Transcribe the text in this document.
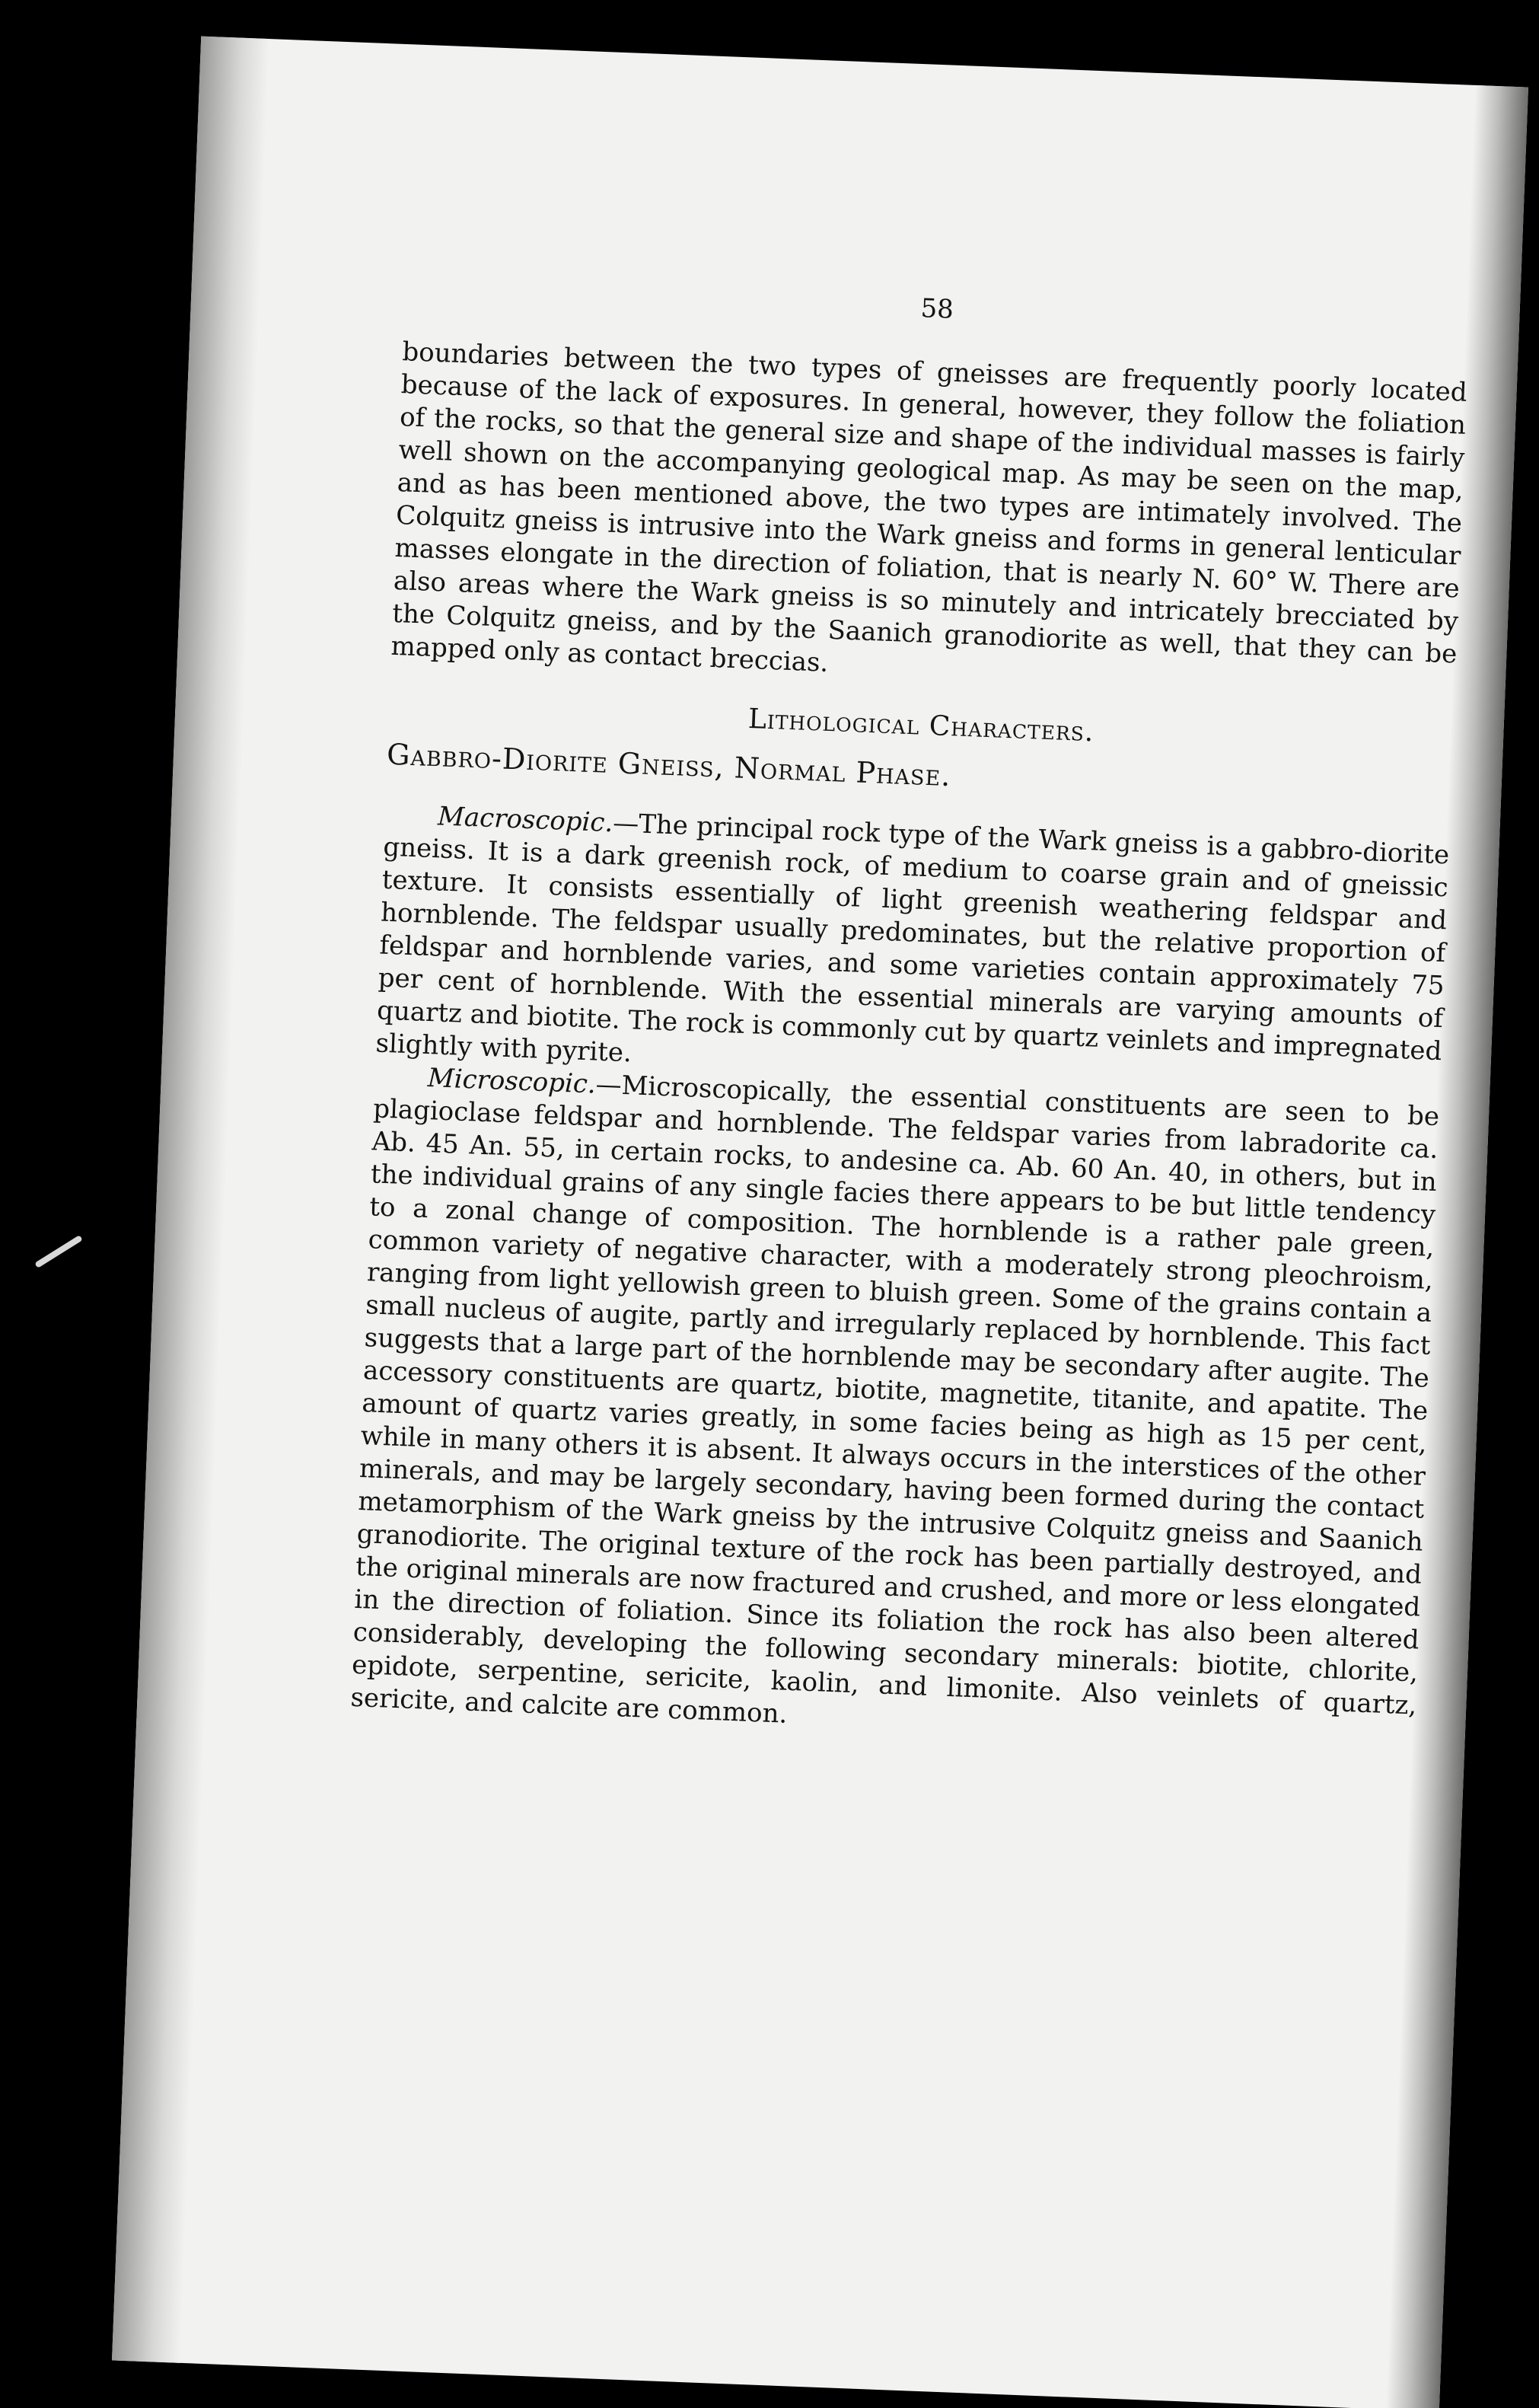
58

boundaries between the two types of gneisses are frequently poorly located because of the lack of exposures. In general, however, they follow the foliation of the rocks, so that the general size and shape of the individual masses is fairly well shown on the accompanying geological map. As may be seen on the map, and as has been mentioned above, the two types are intimately involved. The Colquitz gneiss is intrusive into the Wark gneiss and forms in general lenticular masses elongate in the direction of foliation, that is nearly N. 60° W. There are also areas where the Wark gneiss is so minutely and intricately brecciated by the Colquitz gneiss, and by the Saanich granodiorite as well, that they can be mapped only as contact breccias.

Lithological Characters.
Gabbro-Diorite Gneiss, Normal Phase.

Macroscopic.—The principal rock type of the Wark gneiss is a gabbro-diorite gneiss. It is a dark greenish rock, of medium to coarse grain and of gneissic texture. It consists essentially of light greenish weathering feldspar and hornblende. The feldspar usually predominates, but the relative proportion of feldspar and hornblende varies, and some varieties contain approximately 75 per cent of hornblende. With the essential minerals are varying amounts of quartz and biotite. The rock is commonly cut by quartz veinlets and impregnated slightly with pyrite.

Microscopic.—Microscopically, the essential constituents are seen to be plagioclase feldspar and hornblende. The feldspar varies from labradorite ca. Ab. 45 An. 55, in certain rocks, to andesine ca. Ab. 60 An. 40, in others, but in the individual grains of any single facies there appears to be but little tendency to a zonal change of composition. The hornblende is a rather pale green, common variety of negative character, with a moderately strong pleochroism, ranging from light yellowish green to bluish green. Some of the grains contain a small nucleus of augite, partly and irregularly replaced by hornblende. This fact suggests that a large part of the hornblende may be secondary after augite. The accessory constituents are quartz, biotite, magnetite, titanite, and apatite. The amount of quartz varies greatly, in some facies being as high as 15 per cent, while in many others it is absent. It always occurs in the interstices of the other minerals, and may be largely secondary, having been formed during the contact metamorphism of the Wark gneiss by the intrusive Colquitz gneiss and Saanich granodiorite. The original texture of the rock has been partially destroyed, and the original minerals are now fractured and crushed, and more or less elongated in the direction of foliation. Since its foliation the rock has also been altered considerably, developing the following secondary minerals: biotite, chlorite, epidote, serpentine, sericite, kaolin, and limonite. Also veinlets of quartz, sericite, and calcite are common.
